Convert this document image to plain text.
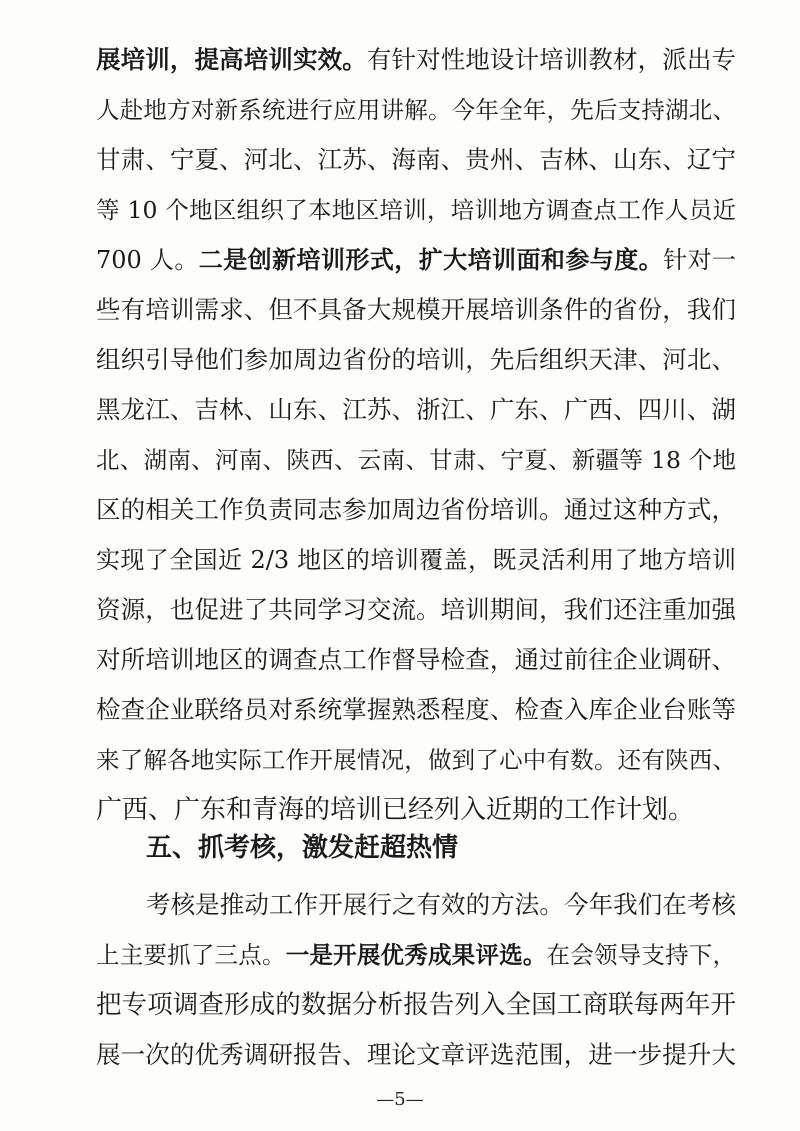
展培训，提高培训实效。有针对性地设计培训教材，派出专
人赴地方对新系统进行应用讲解。今年全年，先后支持湖北、
甘肃、宁夏、河北、江苏、海南、贵州、吉林、山东、辽宁
等 10 个地区组织了本地区培训，培训地方调查点工作人员近
700 人。二是创新培训形式，扩大培训面和参与度。针对一
些有培训需求、但不具备大规模开展培训条件的省份，我们
组织引导他们参加周边省份的培训，先后组织天津、河北、
黑龙江、吉林、山东、江苏、浙江、广东、广西、四川、湖
北、湖南、河南、陕西、云南、甘肃、宁夏、新疆等 18 个地
区的相关工作负责同志参加周边省份培训。通过这种方式，
实现了全国近 2/3 地区的培训覆盖，既灵活利用了地方培训
资源，也促进了共同学习交流。培训期间，我们还注重加强
对所培训地区的调查点工作督导检查，通过前往企业调研、
检查企业联络员对系统掌握熟悉程度、检查入库企业台账等
来了解各地实际工作开展情况，做到了心中有数。还有陕西、
广西、广东和青海的培训已经列入近期的工作计划。
五、抓考核，激发赶超热情
考核是推动工作开展行之有效的方法。今年我们在考核
上主要抓了三点。一是开展优秀成果评选。在会领导支持下，
把专项调查形成的数据分析报告列入全国工商联每两年开
展一次的优秀调研报告、理论文章评选范围，进一步提升大
—5—
